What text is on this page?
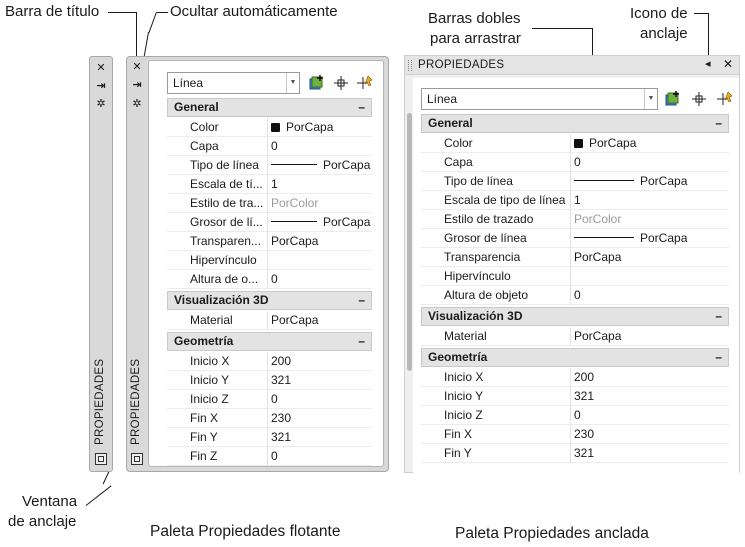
Barra de título	Ocultar automáticamente	Barras dobles
para arrastrar
Icono de
anclaje
Ventana
de anclaje
Paleta Propiedades flotante	Paleta Propiedades anclada
✕
⇥
✲
PROPIEDADES
✕
⇥
✲
PROPIEDADES
Línea	▼
General	–
Color	PorCapa
Capa	0
Tipo de línea	PorCapa
Escala de tí... 1
Estilo de tra... PorColor
Grosor de lí...	PorCapa
Transparen... PorCapa
Hipervínculo
Altura de o...	0
Visualización 3D	–
Material	PorCapa
Geometría	–
Inicio X	200
Inicio Y	321
Inicio Z	0
Fin X	230
Fin Y	321
Fin Z	0
PROPIEDADES	◂ ✕
Línea	▼
General	–
Color	PorCapa
Capa	0
Tipo de línea	PorCapa
Escala de tipo de línea 1
Estilo de trazado	PorColor
Grosor de línea	PorCapa
Transparencia	PorCapa
Hipervínculo
Altura de objeto	0
Visualización 3D	–
Material	PorCapa
Geometría	–
Inicio X	200
Inicio Y	321
Inicio Z	0
Fin X	230
Fin Y	321
